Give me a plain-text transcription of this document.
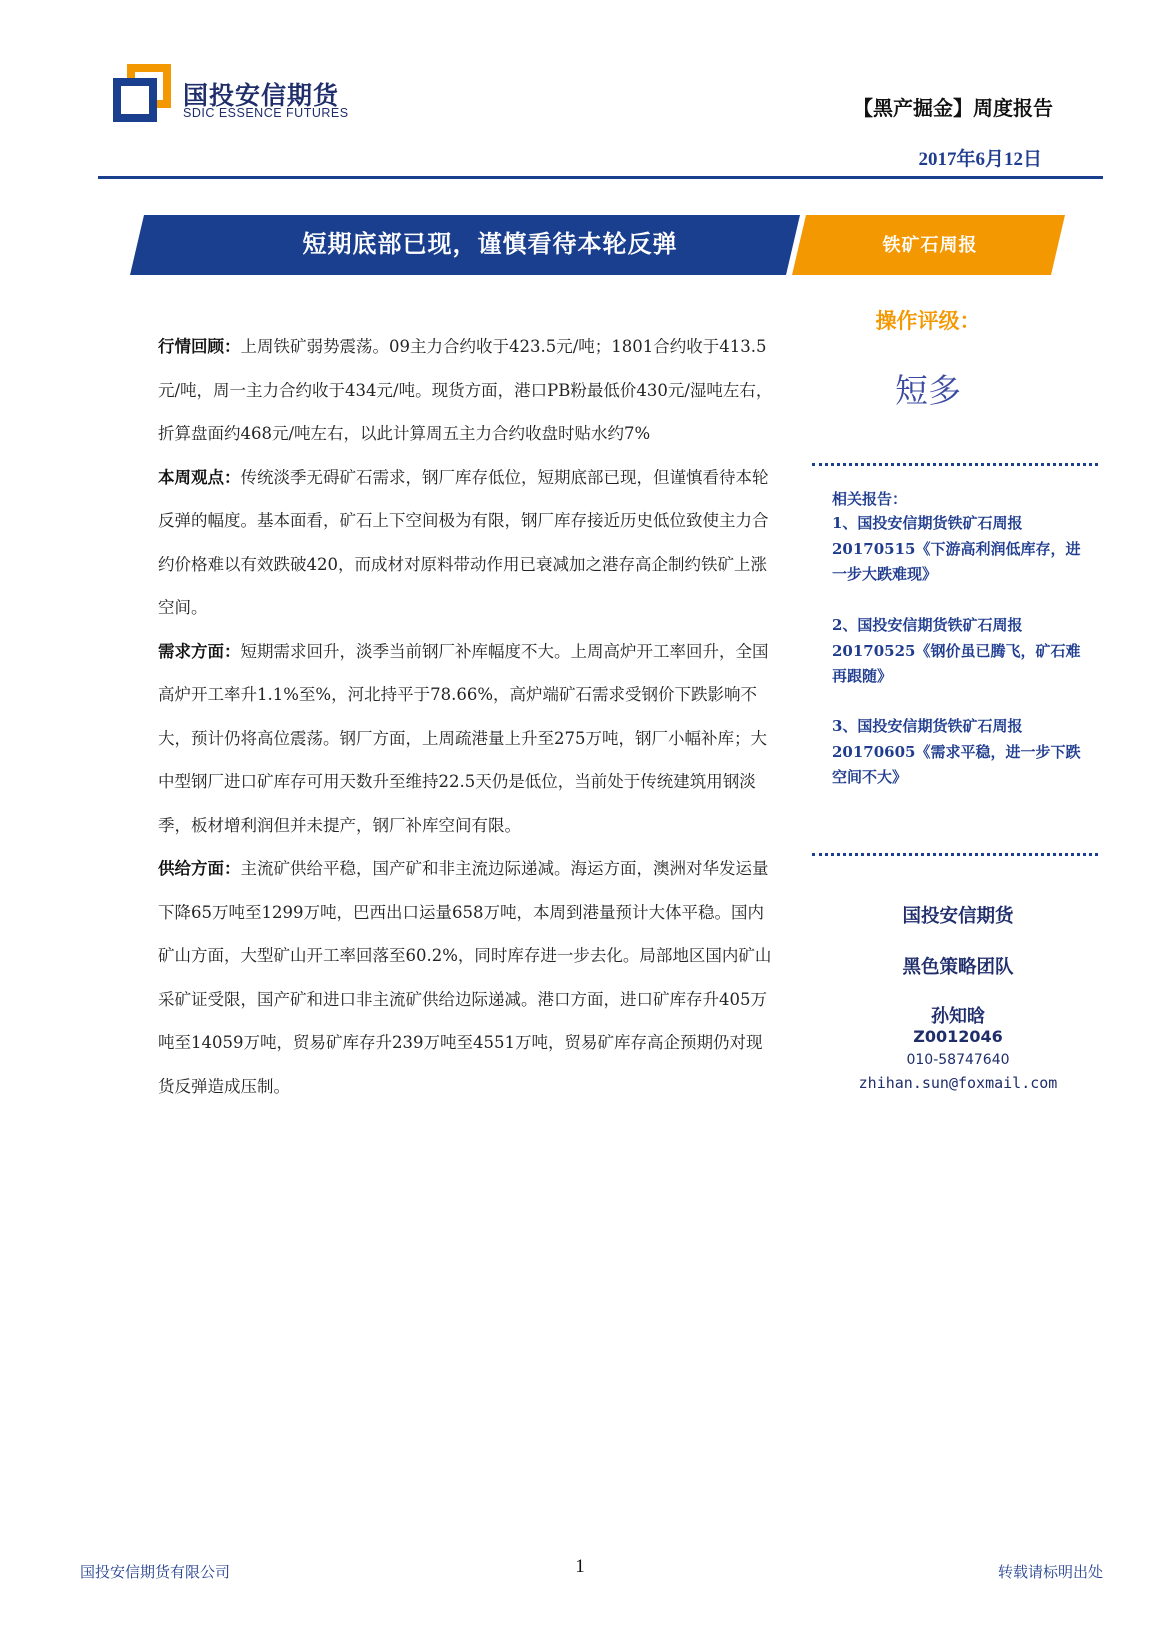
国投安信期货
SDIC ESSENCE FUTURES	【黑产掘金】周度报告
2017年6月12日
短期底部已现，谨慎看待本轮反弹	铁矿石周报

行情回顾：上周铁矿弱势震荡。09主力合约收于423.5元/吨；1801合约收于413.5元/吨，周一主力合约收于434元/吨。现货方面，港口PB粉最低价430元/湿吨左右，折算盘面约468元/吨左右，以此计算周五主力合约收盘时贴水约7%

本周观点：传统淡季无碍矿石需求，钢厂库存低位，短期底部已现，但谨慎看待本轮反弹的幅度。基本面看，矿石上下空间极为有限，钢厂库存接近历史低位致使主力合约价格难以有效跌破420，而成材对原料带动作用已衰减加之港存高企制约铁矿上涨空间。

需求方面：短期需求回升，淡季当前钢厂补库幅度不大。上周高炉开工率回升，全国高炉开工率升1.1%至%，河北持平于78.66%，高炉端矿石需求受钢价下跌影响不大，预计仍将高位震荡。钢厂方面，上周疏港量上升至275万吨，钢厂小幅补库；大中型钢厂进口矿库存可用天数升至维持22.5天仍是低位，当前处于传统建筑用钢淡季，板材增利润但并未提产，钢厂补库空间有限。

供给方面：主流矿供给平稳，国产矿和非主流边际递减。海运方面，澳洲对华发运量下降65万吨至1299万吨，巴西出口运量658万吨，本周到港量预计大体平稳。国内矿山方面，大型矿山开工率回落至60.2%，同时库存进一步去化。局部地区国内矿山采矿证受限，国产矿和进口非主流矿供给边际递减。港口方面，进口矿库存升405万吨至14059万吨，贸易矿库存升239万吨至4551万吨，贸易矿库存高企预期仍对现货反弹造成压制。

操作评级：
短多
相关报告：
1、国投安信期货铁矿石周报 20170515《下游高利润低库存，进一步大跌难现》
2、国投安信期货铁矿石周报 20170525《钢价虽已腾飞，矿石难再跟随》
3、国投安信期货铁矿石周报 20170605《需求平稳，进一步下跌空间不大》
国投安信期货
黑色策略团队
孙知晗
Z0012046
010-58747640
zhihan.sun@foxmail.com
国投安信期货有限公司	1	转载请标明出处
